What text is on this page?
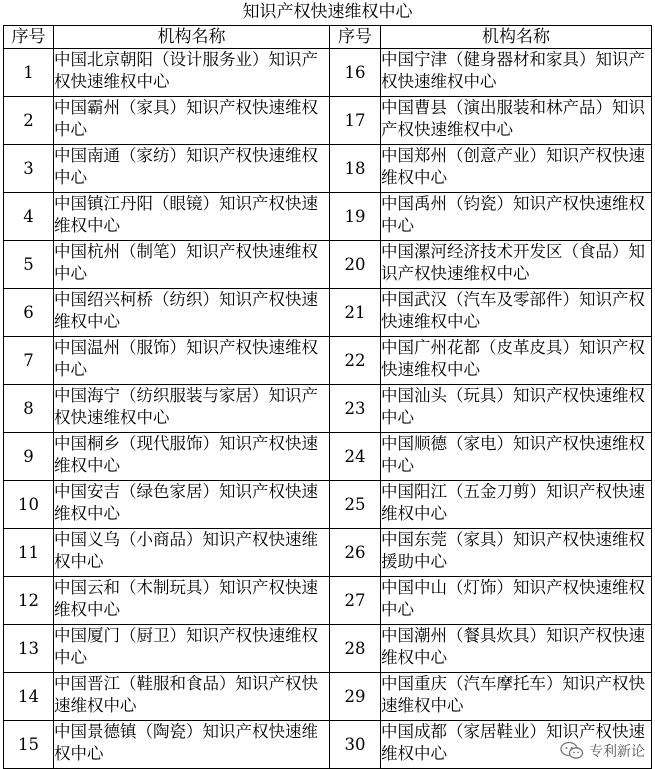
知识产权快速维权中心
序号	机构名称	序号	机构名称
1	中国北京朝阳（设计服务业）知识产权快速维权中心	16	中国宁津（健身器材和家具）知识产权快速维权中心
2	中国霸州（家具）知识产权快速维权中心	17	中国曹县（演出服装和林产品）知识产权快速维权中心
3	中国南通（家纺）知识产权快速维权中心	18	中国郑州（创意产业）知识产权快速维权中心
4	中国镇江丹阳（眼镜）知识产权快速维权中心	19	中国禹州（钧瓷）知识产权快速维权中心
5	中国杭州（制笔）知识产权快速维权中心	20	中国漯河经济技术开发区（食品）知识产权快速维权中心
6	中国绍兴柯桥（纺织）知识产权快速维权中心	21	中国武汉（汽车及零部件）知识产权快速维权中心
7	中国温州（服饰）知识产权快速维权中心	22	中国广州花都（皮革皮具）知识产权快速维权中心
8	中国海宁（纺织服装与家居）知识产权快速维权中心	23	中国汕头（玩具）知识产权快速维权中心
9	中国桐乡（现代服饰）知识产权快速维权中心	24	中国顺德（家电）知识产权快速维权中心
10	中国安吉（绿色家居）知识产权快速维权中心	25	中国阳江（五金刀剪）知识产权快速维权中心
11	中国义乌（小商品）知识产权快速维权中心	26	中国东莞（家具）知识产权快速维权援助中心
12	中国云和（木制玩具）知识产权快速维权中心	27	中国中山（灯饰）知识产权快速维权中心
13	中国厦门（厨卫）知识产权快速维权中心	28	中国潮州（餐具炊具）知识产权快速维权中心
14	中国晋江（鞋服和食品）知识产权快速维权中心	29	中国重庆（汽车摩托车）知识产权快速维权中心
15	中国景德镇（陶瓷）知识产权快速维权中心	30	中国成都（家居鞋业）知识产权快速维权中心	专利新论
